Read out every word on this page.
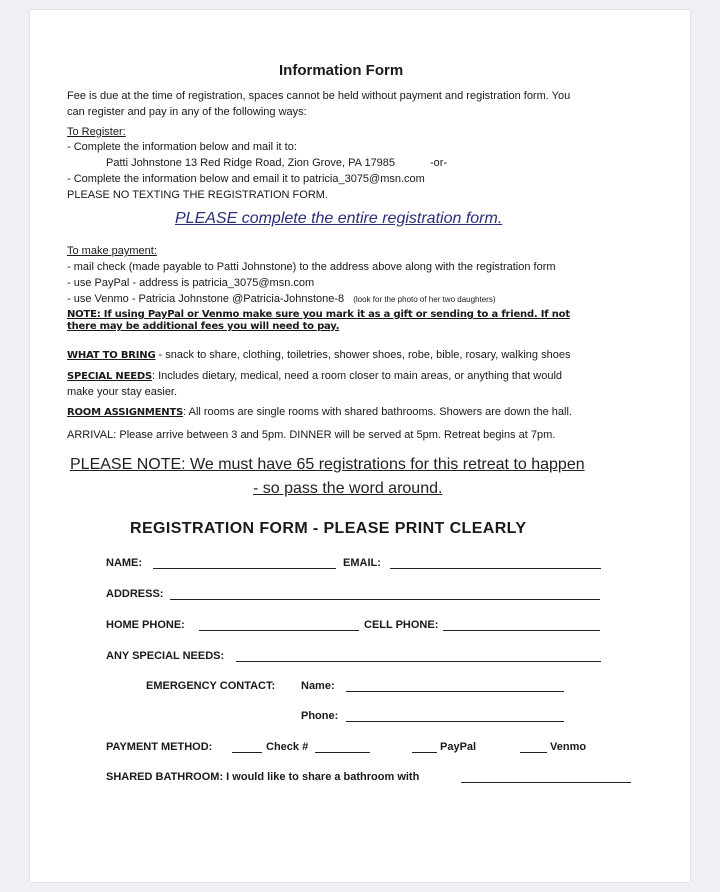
Information Form
Fee is due at the time of registration, spaces cannot be held without payment and registration form. You
can register and pay in any of the following ways:
To Register:
- Complete the information below and mail it to:
Patti Johnstone 13 Red Ridge Road, Zion Grove, PA 17985	-or-
- Complete the information below and email it to patricia_3075@msn.com
PLEASE NO TEXTING THE REGISTRATION FORM.
PLEASE complete the entire registration form.
To make payment:
- mail check (made payable to Patti Johnstone) to the address above along with the registration form
- use PayPal - address is patricia_3075@msn.com
- use Venmo - Patricia Johnstone @Patricia-Johnstone-8 (look for the photo of her two daughters)
NOTE: If using PayPal or Venmo make sure you mark it as a gift or sending to a friend. If not
there may be additional fees you will need to pay.
WHAT TO BRING - snack to share, clothing, toiletries, shower shoes, robe, bible, rosary, walking shoes
SPECIAL NEEDS: Includes dietary, medical, need a room closer to main areas, or anything that would
make your stay easier.
ROOM ASSIGNMENTS: All rooms are single rooms with shared bathrooms. Showers are down the hall.
ARRIVAL: Please arrive between 3 and 5pm. DINNER will be served at 5pm. Retreat begins at 7pm.
PLEASE NOTE: We must have 65 registrations for this retreat to happen
- so pass the word around.
REGISTRATION FORM - PLEASE PRINT CLEARLY
NAME:	EMAIL:
ADDRESS:
HOME PHONE:	CELL PHONE:
ANY SPECIAL NEEDS:
EMERGENCY CONTACT: Name:
Phone:
PAYMENT METHOD:	Check #	PayPal	Venmo
SHARED BATHROOM: I would like to share a bathroom with
